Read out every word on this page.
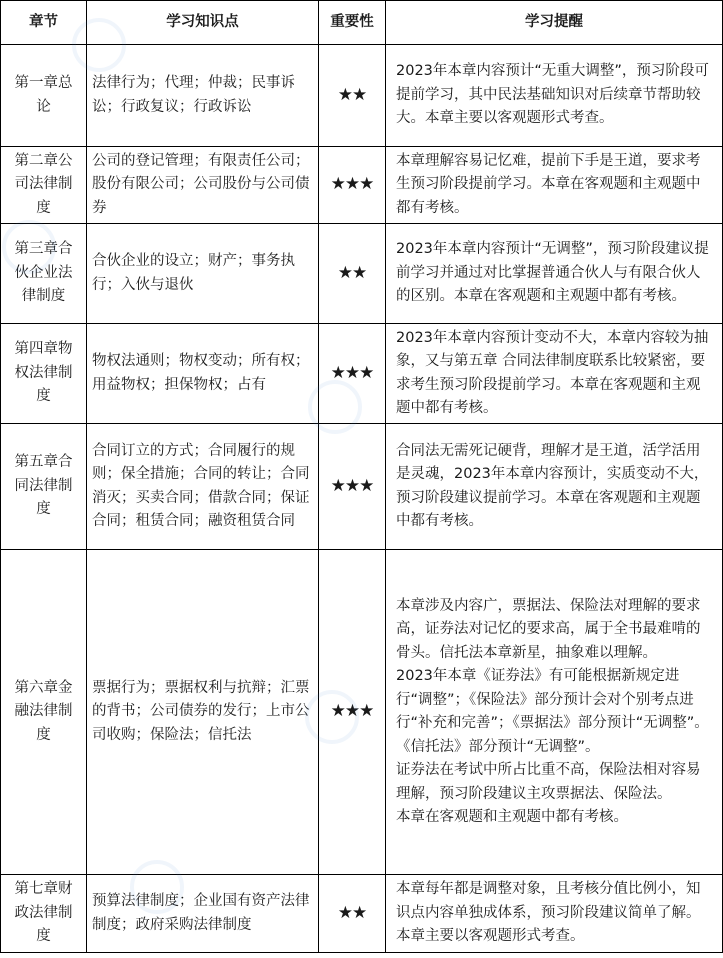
章节	学习知识点	重要性	学习提醒
第一章总论	法律行为；代理；仲裁；民事诉讼；行政复议；行政诉讼	★★	2023年本章内容预计“无重大调整”，预习阶段可提前学习，其中民法基础知识对后续章节帮助较大。本章主要以客观题形式考查。

第二章公司法律制度	公司的登记管理；有限责任公司；股份有限公司；公司股份与公司债券	★★★	本章理解容易记忆难，提前下手是王道，要求考生预习阶段提前学习。本章在客观题和主观题中都有考核。

第三章合伙企业法律制度	合伙企业的设立；财产；事务执行；入伙与退伙	★★	2023年本章内容预计“无调整”，预习阶段建议提前学习并通过对比掌握普通合伙人与有限合伙人的区别。本章在客观题和主观题中都有考核。

第四章物权法律制度	物权法通则；物权变动；所有权；用益物权；担保物权；占有	★★★	2023年本章内容预计变动不大，本章内容较为抽象，又与第五章 合同法律制度联系比较紧密，要求考生预习阶段提前学习。本章在客观题和主观题中都有考核。

第五章合同法律制度	合同订立的方式；合同履行的规则；保全措施；合同的转让；合同消灭；买卖合同；借款合同；保证合同；租赁合同；融资租赁合同	★★★	合同法无需死记硬背，理解才是王道，活学活用是灵魂，2023年本章内容预计，实质变动不大，预习阶段建议提前学习。本章在客观题和主观题中都有考核。

第六章金融法律制度	票据行为；票据权利与抗辩；汇票的背书；公司债券的发行；上市公司收购；保险法；信托法	★★★	本章涉及内容广，票据法、保险法对理解的要求高，证券法对记忆的要求高，属于全书最难啃的骨头。信托法本章新星，抽象难以理解。
2023年本章《证券法》有可能根据新规定进行“调整”；《保险法》部分预计会对个别考点进行“补充和完善”；《票据法》部分预计“无调整”。《信托法》部分预计“无调整”。
证券法在考试中所占比重不高，保险法相对容易理解，预习阶段建议主攻票据法、保险法。
本章在客观题和主观题中都有考核。

第七章财政法律制度	预算法律制度；企业国有资产法律制度；政府采购法律制度	★★	本章每年都是调整对象，且考核分值比例小，知识点内容单独成体系，预习阶段建议简单了解。本章主要以客观题形式考查。
